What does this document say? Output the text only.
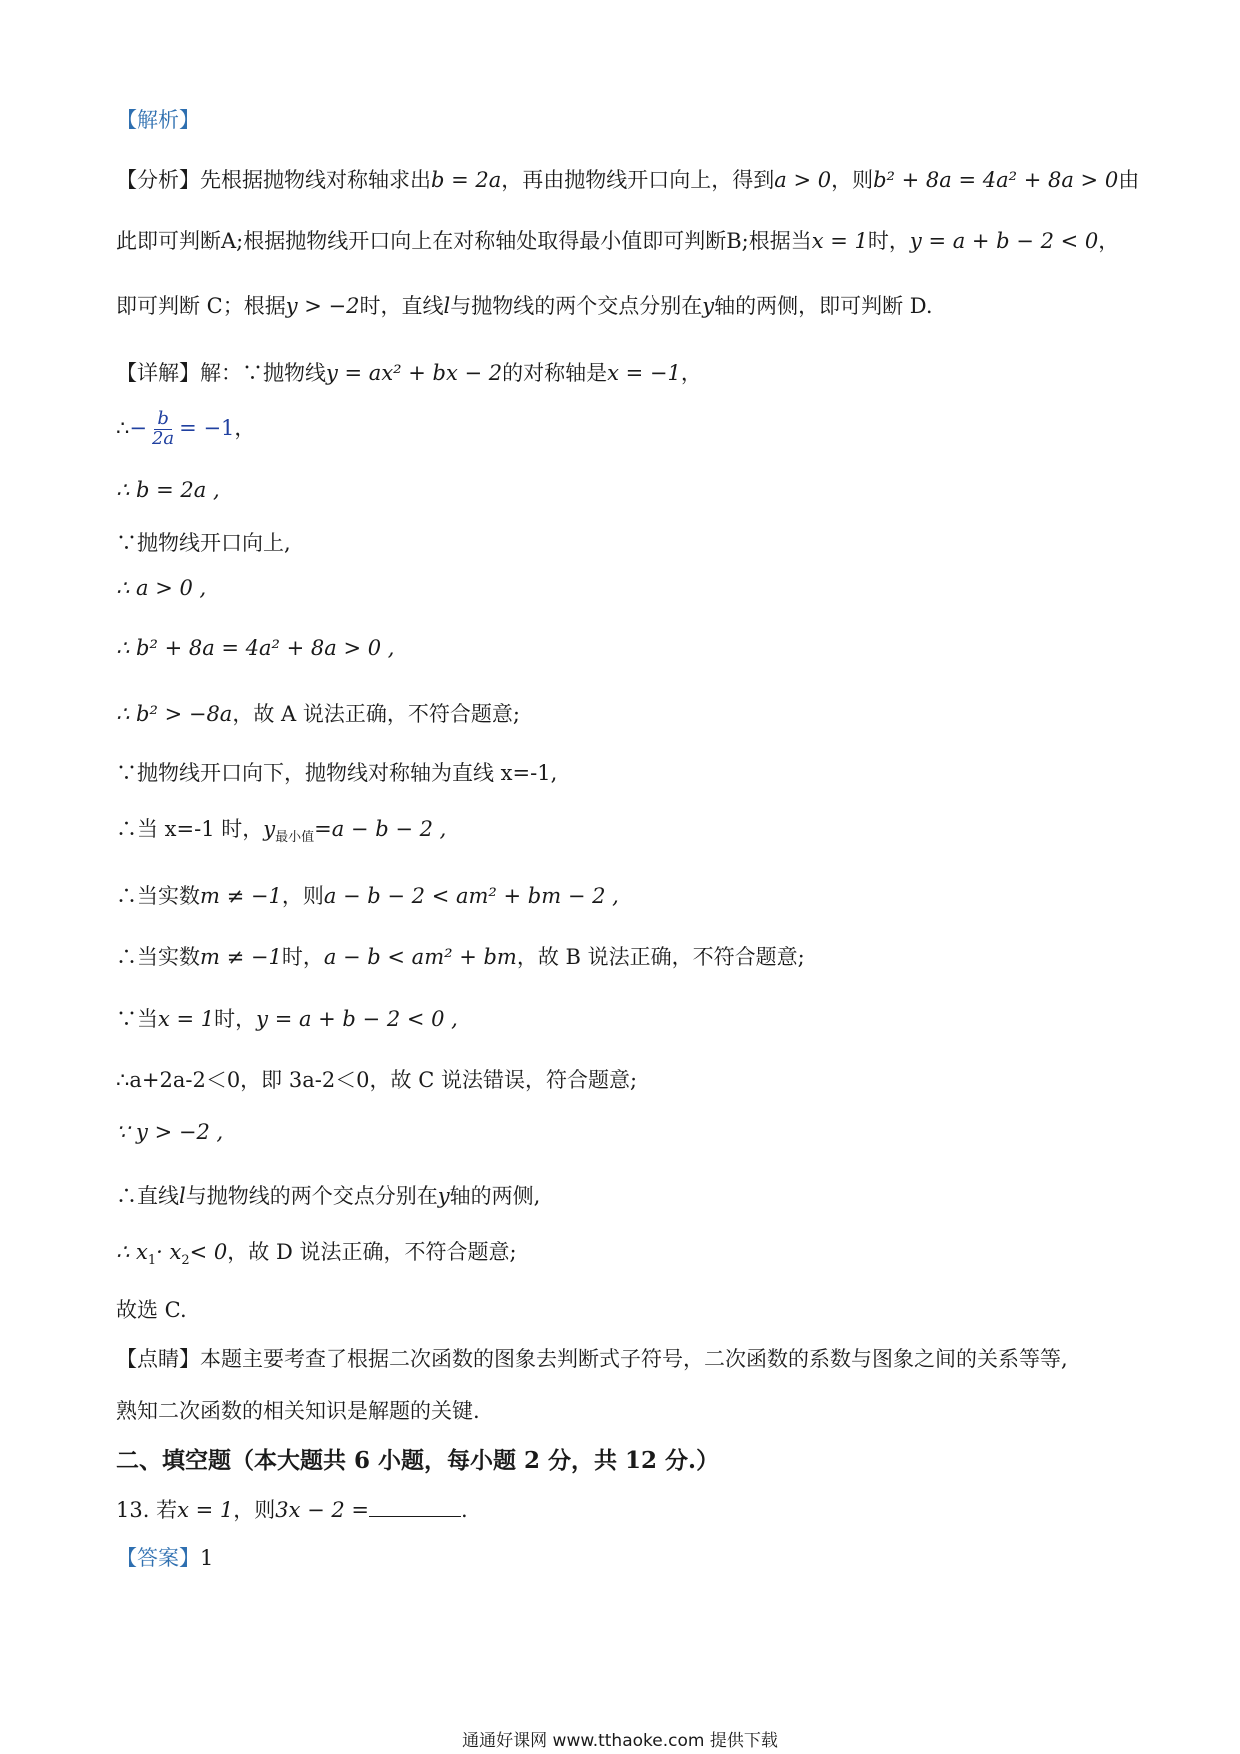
【解析】
【分析】先根据抛物线对称轴求出b = 2a，再由抛物线开口向上，得到a > 0，则b² + 8a = 4a² + 8a > 0由
此即可判断A;根据抛物线开口向上在对称轴处取得最小值即可判断B;根据当x = 1时，y = a + b − 2 < 0，
即可判断 C；根据y > −2时，直线l与抛物线的两个交点分别在y轴的两侧，即可判断 D.
【详解】解：∵抛物线y = ax² + bx − 2的对称轴是x = −1，
∴− $\frac{b}{2a} = -1$，
∴ b = 2a ,
∵抛物线开口向上,
∴ a > 0 ,
∴ b² + 8a = 4a² + 8a > 0 ,
∴ b² > −8a，故 A 说法正确，不符合题意;
∵抛物线开口向下，抛物线对称轴为直线 x=-1,
∴当 x=-1 时，$y_{最小值}=a - b - 2$ ,
∴当实数m ≠ −1，则a − b − 2 < am² + bm − 2 ,
∴当实数m ≠ −1时，a − b < am² + bm，故 B 说法正确，不符合题意;
∵当x = 1时，y = a + b − 2 < 0 ,
∴a+2a-2＜0，即 3a-2＜0，故 C 说法错误，符合题意;
∵ y > −2 ,
∴直线l与抛物线的两个交点分别在y轴的两侧,
∴ $x_1\cdot x_2< 0$，故 D 说法正确，不符合题意;
故选 C.
【点睛】本题主要考查了根据二次函数的图象去判断式子符号，二次函数的系数与图象之间的关系等等,
熟知二次函数的相关知识是解题的关键.
二、填空题（本大题共 6 小题，每小题 2 分，共 12 分.）
13. 若x = 1，则3x − 2 =	.
【答案】1
通通好课网 www.tthaoke.com 提供下载
